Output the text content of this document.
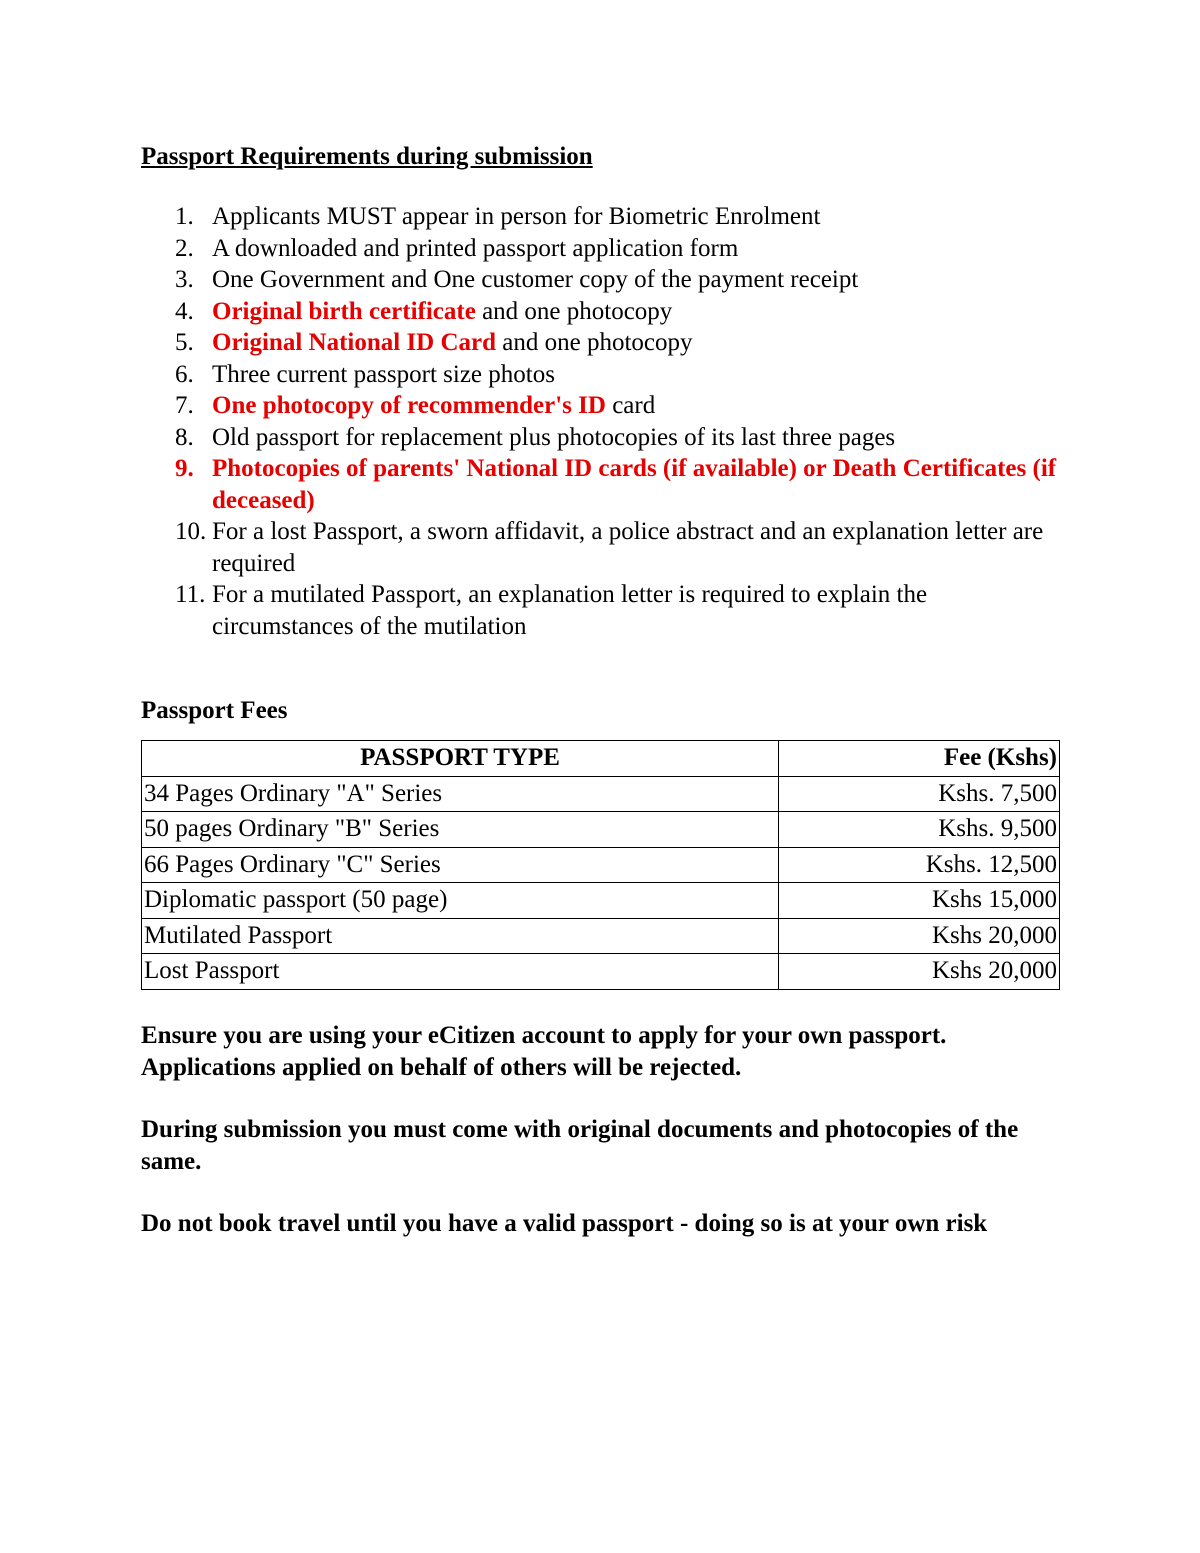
Passport Requirements during submission

1. Applicants MUST appear in person for Biometric Enrolment
2. A downloaded and printed passport application form
3. One Government and One customer copy of the payment receipt
4. Original birth certificate and one photocopy
5. Original National ID Card and one photocopy
6. Three current passport size photos
7. One photocopy of recommender's ID card
8. Old passport for replacement plus photocopies of its last three pages
9. Photocopies of parents' National ID cards (if available) or Death Certificates (if deceased)
10. For a lost Passport, a sworn affidavit, a police abstract and an explanation letter are required
11. For a mutilated Passport, an explanation letter is required to explain the circumstances of the mutilation

Passport Fees

PASSPORT TYPE	Fee (Kshs)
34 Pages Ordinary "A" Series	Kshs. 7,500
50 pages Ordinary "B" Series	Kshs. 9,500
66 Pages Ordinary "C" Series	Kshs. 12,500
Diplomatic passport (50 page)	Kshs 15,000
Mutilated Passport	Kshs 20,000
Lost Passport	Kshs 20,000

Ensure you are using your eCitizen account to apply for your own passport. Applications applied on behalf of others will be rejected.

During submission you must come with original documents and photocopies of the same.

Do not book travel until you have a valid passport - doing so is at your own risk
